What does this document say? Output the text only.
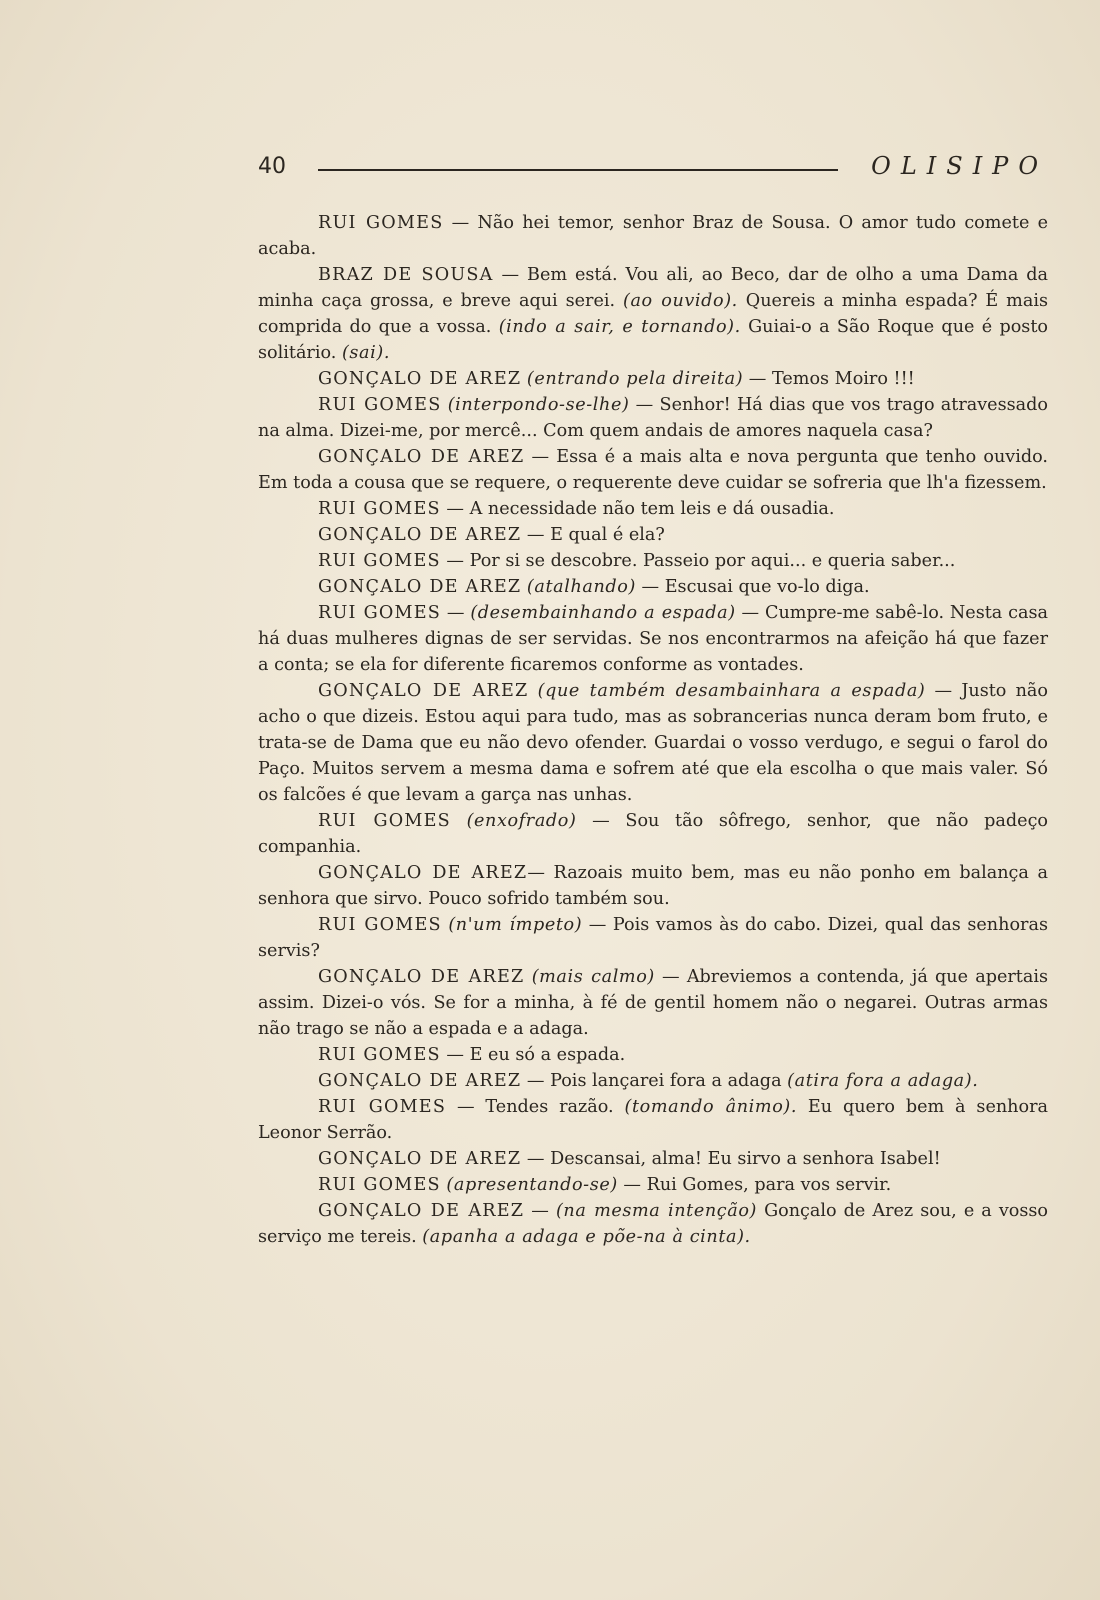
40	OLISIPO

RUI GOMES — Não hei temor, senhor Braz de Sousa. O amor tudo comete e acaba.

BRAZ DE SOUSA — Bem está. Vou ali, ao Beco, dar de olho a uma Dama da minha caça grossa, e breve aqui serei. (ao ouvido). Quereis a minha espada? É mais comprida do que a vossa. (indo a sair, e tornando). Guiai-o a São Roque que é posto solitário. (sai).

GONÇALO DE AREZ (entrando pela direita) — Temos Moiro !!!

RUI GOMES (interpondo-se-lhe) — Senhor! Há dias que vos trago atravessado na alma. Dizei-me, por mercê... Com quem andais de amores naquela casa?

GONÇALO DE AREZ — Essa é a mais alta e nova pergunta que tenho ouvido. Em toda a cousa que se requere, o requerente deve cuidar se sofreria que lh'a fizessem.

RUI GOMES — A necessidade não tem leis e dá ousadia.

GONÇALO DE AREZ — E qual é ela?

RUI GOMES — Por si se descobre. Passeio por aqui... e queria saber...

GONÇALO DE AREZ (atalhando) — Escusai que vo-lo diga.

RUI GOMES — (desembainhando a espada) — Cumpre-me sabê-lo. Nesta casa há duas mulheres dignas de ser servidas. Se nos encontrarmos na afeição há que fazer a conta; se ela for diferente ficaremos conforme as vontades.

GONÇALO DE AREZ (que também desambainhara a espada) — Justo não acho o que dizeis. Estou aqui para tudo, mas as sobrancerias nunca deram bom fruto, e trata-se de Dama que eu não devo ofender. Guardai o vosso verdugo, e segui o farol do Paço. Muitos servem a mesma dama e sofrem até que ela escolha o que mais valer. Só os falcões é que levam a garça nas unhas.

RUI GOMES (enxofrado) — Sou tão sôfrego, senhor, que não padeço companhia.

GONÇALO DE AREZ— Razoais muito bem, mas eu não ponho em balança a senhora que sirvo. Pouco sofrido também sou.

RUI GOMES (n'um ímpeto) — Pois vamos às do cabo. Dizei, qual das senhoras servis?

GONÇALO DE AREZ (mais calmo) — Abreviemos a contenda, já que apertais assim. Dizei-o vós. Se for a minha, à fé de gentil homem não o negarei. Outras armas não trago se não a espada e a adaga.

RUI GOMES — E eu só a espada.

GONÇALO DE AREZ — Pois lançarei fora a adaga (atira fora a adaga).

RUI GOMES — Tendes razão. (tomando ânimo). Eu quero bem à senhora Leonor Serrão.

GONÇALO DE AREZ — Descansai, alma! Eu sirvo a senhora Isabel!

RUI GOMES (apresentando-se) — Rui Gomes, para vos servir.

GONÇALO DE AREZ — (na mesma intenção) Gonçalo de Arez sou, e a vosso serviço me tereis. (apanha a adaga e põe-na à cinta).
